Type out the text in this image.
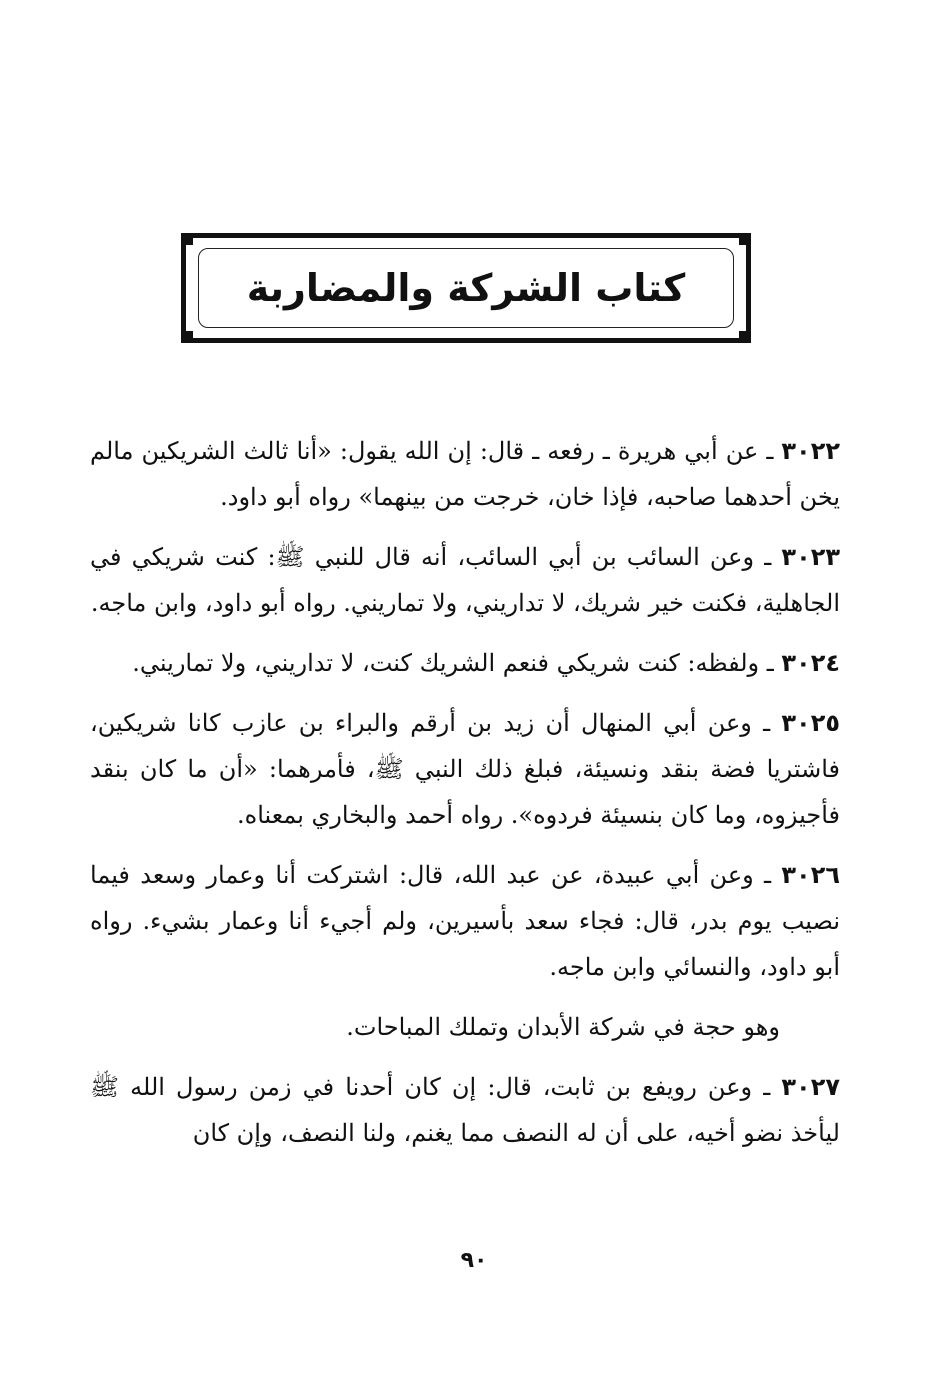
كتاب الشركة والمضاربة

٣٠٢٢ ـ عن أبي هريرة ـ رفعه ـ قال: إن الله يقول: «أنا ثالث الشريكين مالم يخن أحدهما صاحبه، فإذا خان، خرجت من بينهما» رواه أبو داود.

٣٠٢٣ ـ وعن السائب بن أبي السائب، أنه قال للنبي ﷺ: كنت شريكي في الجاهلية، فكنت خير شريك، لا تداريني، ولا تماريني. رواه أبو داود، وابن ماجه.

٣٠٢٤ ـ ولفظه: كنت شريكي فنعم الشريك كنت، لا تداريني، ولا تماريني.

٣٠٢٥ ـ وعن أبي المنهال أن زيد بن أرقم والبراء بن عازب كانا شريكين، فاشتريا فضة بنقد ونسيئة، فبلغ ذلك النبي ﷺ، فأمرهما: «أن ما كان بنقد فأجيزوه، وما كان بنسيئة فردوه». رواه أحمد والبخاري بمعناه.

٣٠٢٦ ـ وعن أبي عبيدة، عن عبد الله، قال: اشتركت أنا وعمار وسعد فيما نصيب يوم بدر، قال: فجاء سعد بأسيرين، ولم أجيء أنا وعمار بشيء. رواه أبو داود، والنسائي وابن ماجه.

وهو حجة في شركة الأبدان وتملك المباحات.

٣٠٢٧ ـ وعن رويفع بن ثابت، قال: إن كان أحدنا في زمن رسول الله ﷺ ليأخذ نضو أخيه، على أن له النصف مما يغنم، ولنا النصف، وإن كان

٩٠
